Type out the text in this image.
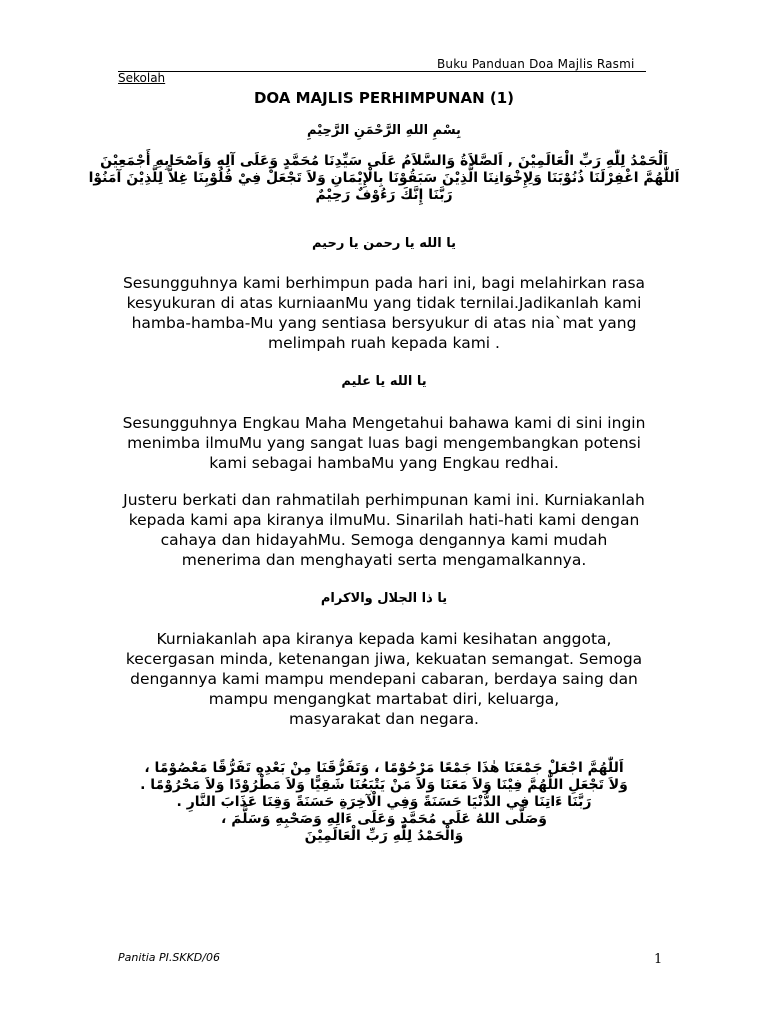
Buku Panduan Doa Majlis Rasmi
Sekolah
DOA MAJLIS PERHIMPUNAN (1)
بِسْمِ اللهِ الرَّحْمَنِ الرَّحِيْمِ
اَلْحَمْدُ لِلّٰهِ رَبِّ الْعَالَمِيْنَ , اَلصَّلاَةُ وَالسَّلاَمُ عَلَى سَيِّدِنَا مُحَمَّدٍ وَعَلَى آلِهِ وَاَصْحَابِهِ أَجْمَعِيْنَ
اَللّٰهُمَّ اغْفِرْلَنَا ذُنُوْبَنَا وَلِإِخْوَانِنَا الَّذِيْنَ سَبَقُوْنَا بِالْإِيْمَانِ وَلاَ تَجْعَلْ فِيْ قُلُوْبِنَا غِلاًّ لِلَّذِيْنَ آمَنُوْا
رَبَّنَا إِنَّكَ رَءُوْفٌ رَحِيْمٌ
يا الله يا رحمن يا رحيم
Sesungguhnya kami berhimpun pada hari ini, bagi melahirkan rasa
kesyukuran di atas kurniaanMu yang tidak ternilai.Jadikanlah kami
hamba-hamba-Mu yang sentiasa bersyukur di atas nia`mat yang
melimpah ruah kepada kami .
يا الله يا عليم
Sesungguhnya Engkau Maha Mengetahui bahawa kami di sini ingin
menimba ilmuMu yang sangat luas bagi mengembangkan potensi
kami sebagai hambaMu yang Engkau redhai.
Justeru berkati dan rahmatilah perhimpunan kami ini. Kurniakanlah
kepada kami apa kiranya ilmuMu. Sinarilah hati-hati kami dengan
cahaya dan hidayahMu. Semoga dengannya kami mudah
menerima dan menghayati serta mengamalkannya.
يا ذا الجلال والاكرام
Kurniakanlah apa kiranya kepada kami kesihatan anggota,
kecergasan minda, ketenangan jiwa, kekuatan semangat. Semoga
dengannya kami mampu mendepani cabaran, berdaya saing dan
mampu mengangkat martabat diri, keluarga,
masyarakat dan negara.
اَللّٰهُمَّ اجْعَلْ جَمْعَنَا هٰذَا جَمْعًا مَرْحُوْمًا ، وَتَفَرُّقَنَا مِنْ بَعْدِهِ تَفَرُّقًا مَعْصُوْمًا ،
وَلاَ تَجْعَلِ اللّٰهُمَّ فِيْنَا وَلاَ مَعَنَا وَلاَ مَنْ يَتْبَعُنَا شَقِيًّا وَلاَ مَطْرُوْدًا وَلاَ مَحْرُوْمًا .
رَبَّنَا ءَاتِنَا فِي الدُّنْيَا حَسَنَةً وَفِي الْآخِرَةِ حَسَنَةً وَقِنَا عَذَابَ النَّارِ .
وَصَلَّى اللهُ عَلَى مُحَمَّدٍ وَعَلَى ءَالِهِ وَصَحْبِهِ وَسَلَّمَ ،
وَالْحَمْدُ لِلّٰهِ رَبِّ الْعَالَمِيْنَ
Panitia PI.SKKD/06	1
